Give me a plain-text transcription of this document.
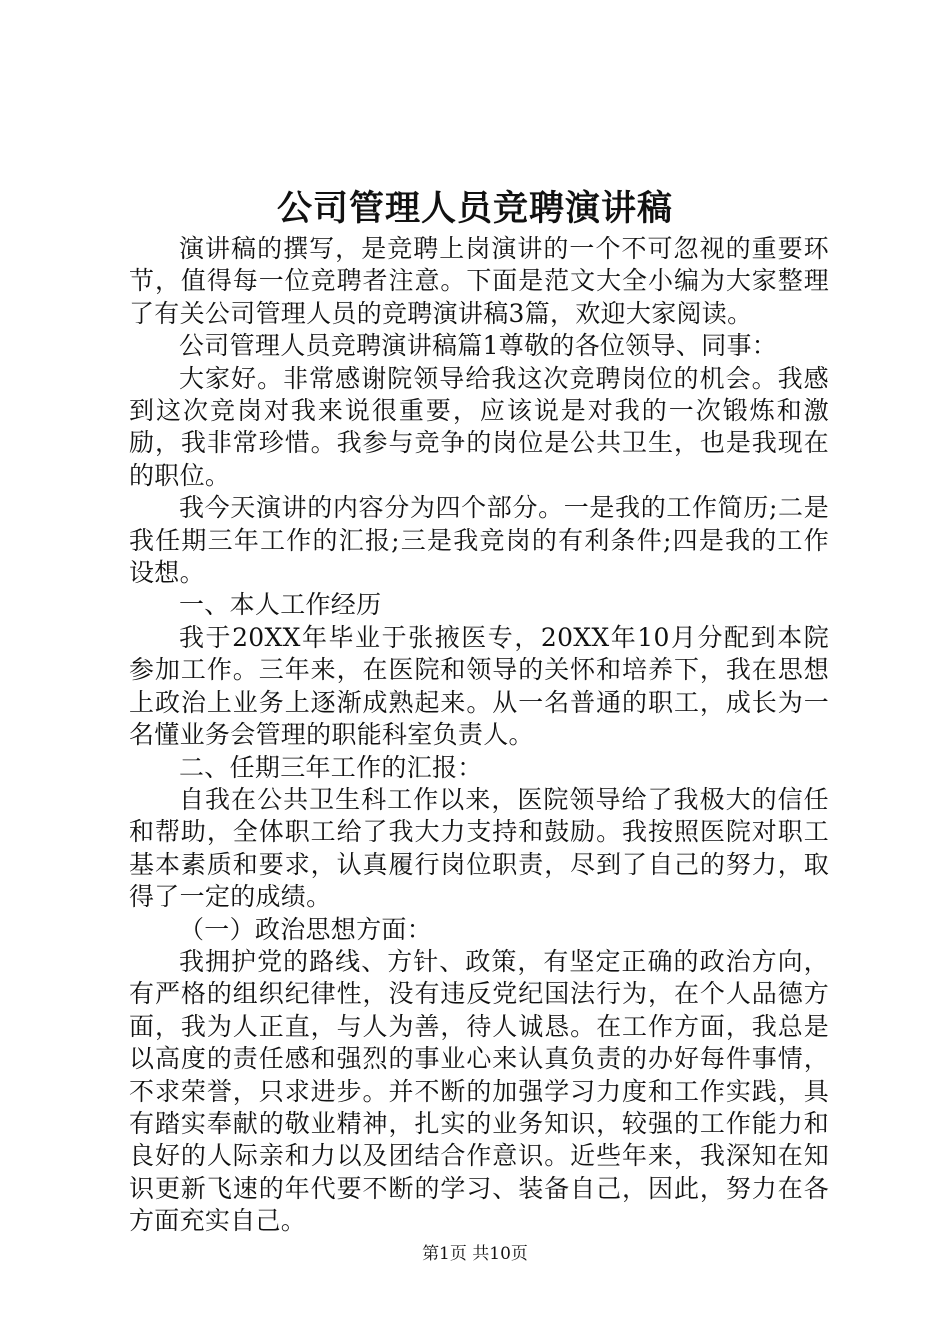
公司管理人员竞聘演讲稿

演讲稿的撰写，是竞聘上岗演讲的一个不可忽视的重要环节，值得每一位竞聘者注意。下面是范文大全小编为大家整理了有关公司管理人员的竞聘演讲稿3篇，欢迎大家阅读。

公司管理人员竞聘演讲稿篇1尊敬的各位领导、同事：

大家好。非常感谢院领导给我这次竞聘岗位的机会。我感到这次竞岗对我来说很重要，应该说是对我的一次锻炼和激励，我非常珍惜。我参与竞争的岗位是公共卫生，也是我现在的职位。

我今天演讲的内容分为四个部分。一是我的工作简历;二是我任期三年工作的汇报;三是我竞岗的有利条件;四是我的工作设想。

一、本人工作经历

我于20XX年毕业于张掖医专，20XX年10月分配到本院参加工作。三年来，在医院和领导的关怀和培养下，我在思想上政治上业务上逐渐成熟起来。从一名普通的职工，成长为一名懂业务会管理的职能科室负责人。

二、任期三年工作的汇报：

自我在公共卫生科工作以来，医院领导给了我极大的信任和帮助，全体职工给了我大力支持和鼓励。我按照医院对职工基本素质和要求，认真履行岗位职责，尽到了自己的努力，取得了一定的成绩。

（一）政治思想方面：

我拥护党的路线、方针、政策，有坚定正确的政治方向，有严格的组织纪律性，没有违反党纪国法行为，在个人品德方面，我为人正直，与人为善，待人诚恳。在工作方面，我总是以高度的责任感和强烈的事业心来认真负责的办好每件事情，不求荣誉，只求进步。并不断的加强学习力度和工作实践，具有踏实奉献的敬业精神，扎实的业务知识，较强的工作能力和良好的人际亲和力以及团结合作意识。近些年来，我深知在知识更新飞速的年代要不断的学习、装备自己，因此，努力在各方面充实自己。

第1页 共10页
